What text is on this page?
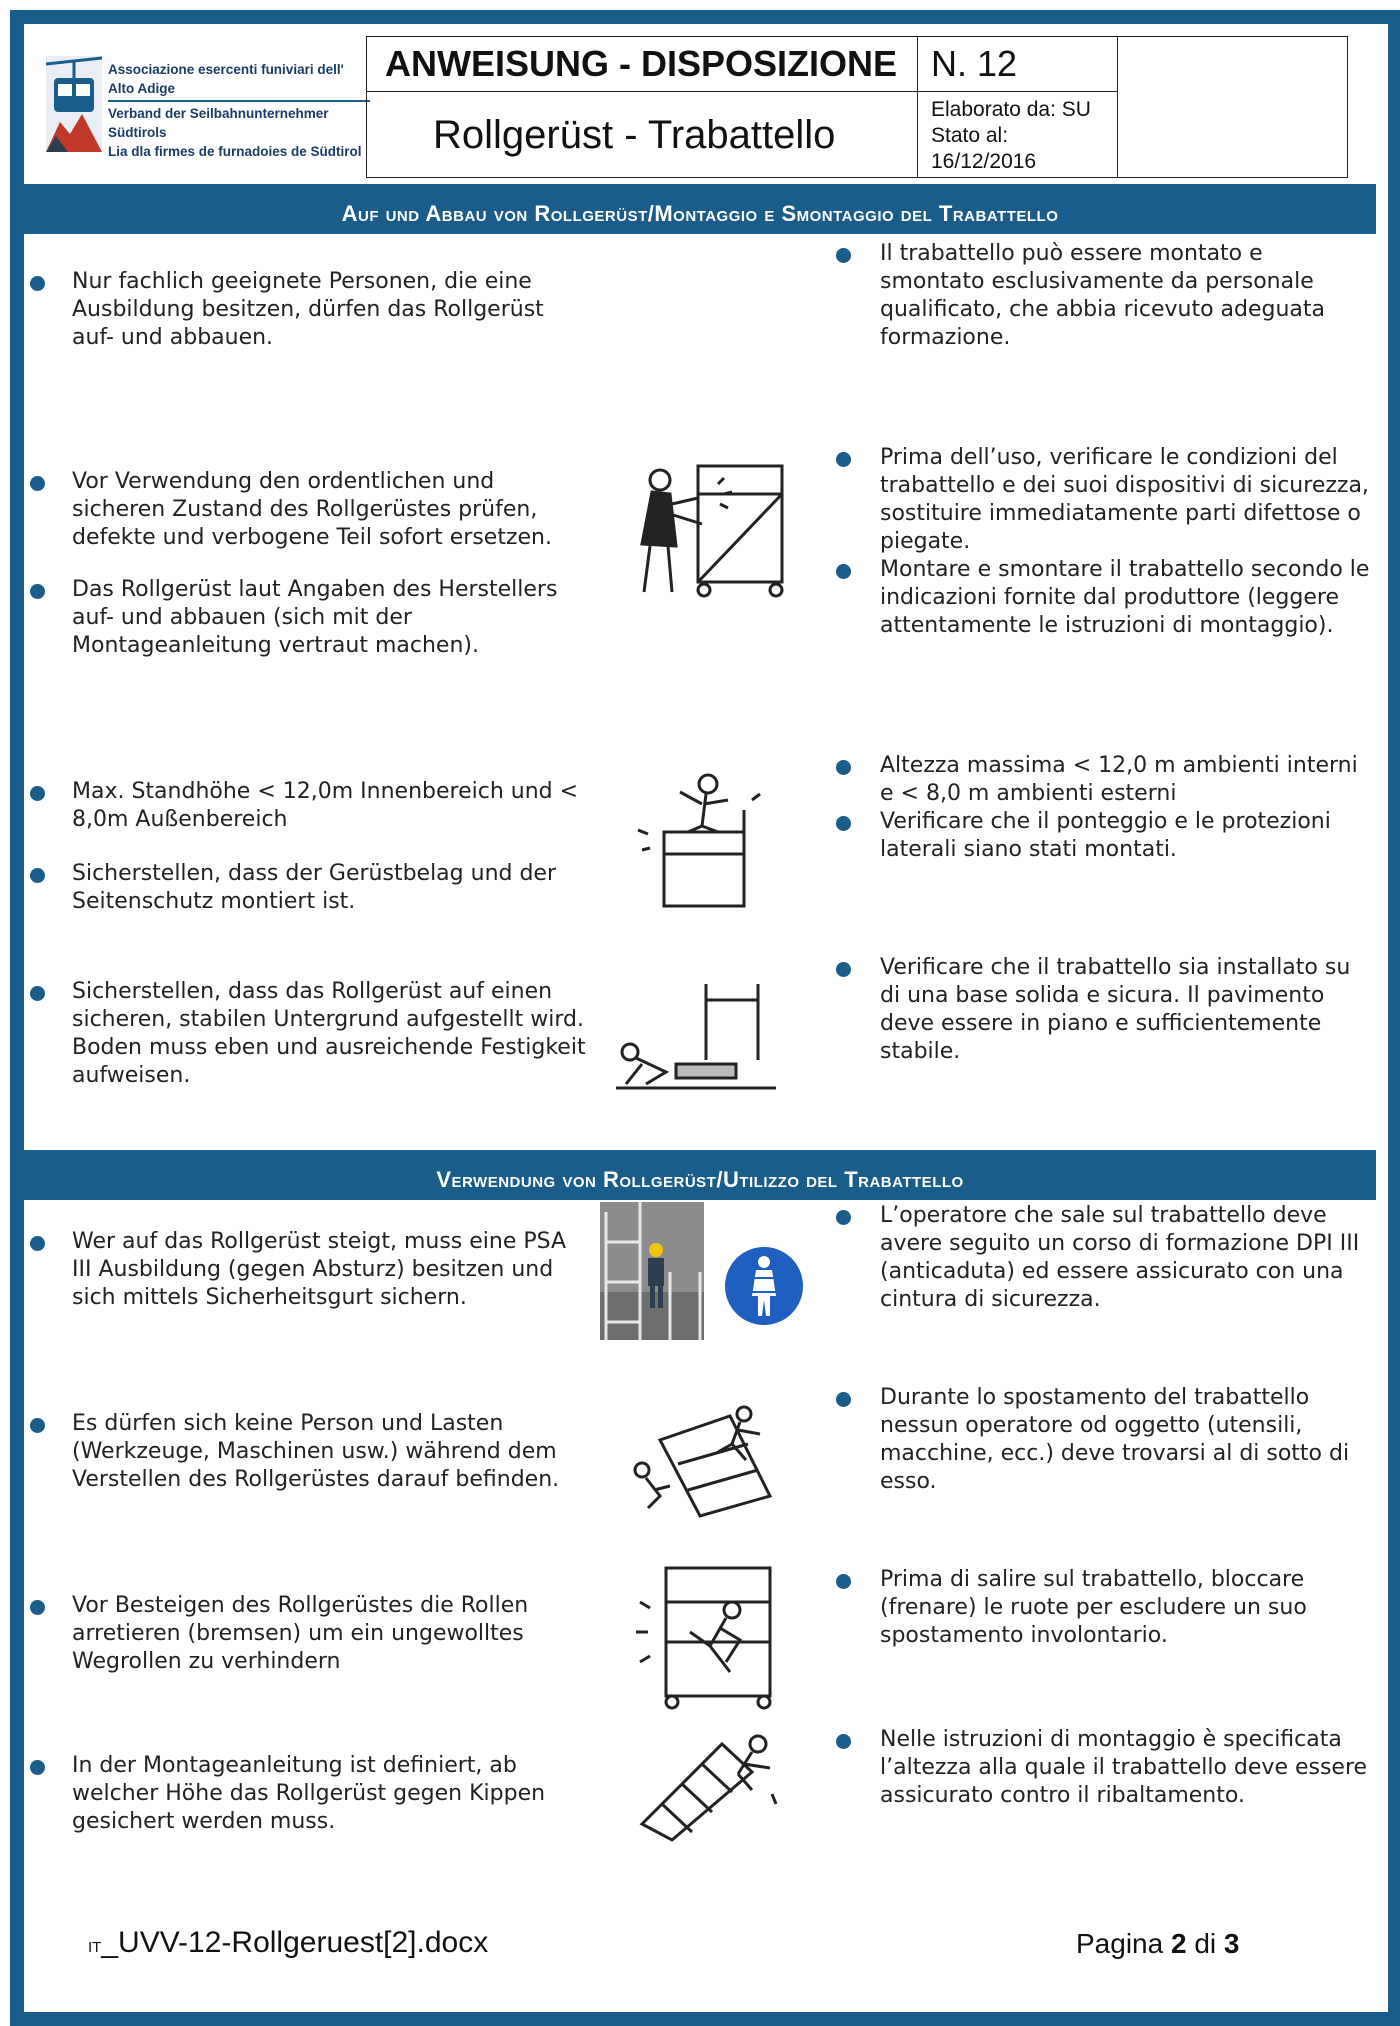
Associazione esercenti funiviari dell' Alto Adige
Verband der Seilbahnunternehmer Südtirols
Lia dla firmes de furnadoies de Südtirol
ANWEISUNG - DISPOSIZIONE
Rollgerüst - Trabattello
N. 12
Elaborato da: SU
Stato al:
16/12/2016
Auf und Abbau von Rollgerüst/Montaggio e Smontaggio del Trabattello

Nur fachlich geeignete Personen, die eine Ausbildung besitzen, dürfen das Rollgerüst auf- und abbauen.

Il trabattello può essere montato e smontato esclusivamente da personale qualificato, che abbia ricevuto adeguata formazione.

Vor Verwendung den ordentlichen und sicheren Zustand des Rollgerüstes prüfen, defekte und verbogene Teil sofort ersetzen.

Das Rollgerüst laut Angaben des Herstellers auf- und abbauen (sich mit der Montageanleitung vertraut machen).

Prima dell’uso, verificare le condizioni del trabattello e dei suoi dispositivi di sicurezza, sostituire immediatamente parti difettose o piegate.

Montare e smontare il trabattello secondo le indicazioni fornite dal produttore (leggere attentamente le istruzioni di montaggio).

Max. Standhöhe < 12,0m Innenbereich und < 8,0m Außenbereich

Sicherstellen, dass der Gerüstbelag und der Seitenschutz montiert ist.

Altezza massima < 12,0 m ambienti interni e < 8,0 m ambienti esterni

Verificare che il ponteggio e le protezioni laterali siano stati montati.

Sicherstellen, dass das Rollgerüst auf einen sicheren, stabilen Untergrund aufgestellt wird. Boden muss eben und ausreichende Festigkeit aufweisen.

Verificare che il trabattello sia installato su di una base solida e sicura. Il pavimento deve essere in piano e sufficientemente stabile.

Verwendung von Rollgerüst/Utilizzo del Trabattello

Wer auf das Rollgerüst steigt, muss eine PSA III Ausbildung (gegen Absturz) besitzen und sich mittels Sicherheitsgurt sichern.

L’operatore che sale sul trabattello deve avere seguito un corso di formazione DPI III (anticaduta) ed essere assicurato con una cintura di sicurezza.

Es dürfen sich keine Person und Lasten (Werkzeuge, Maschinen usw.) während dem Verstellen des Rollgerüstes darauf befinden.

Durante lo spostamento del trabattello nessun operatore od oggetto (utensili, macchine, ecc.) deve trovarsi al di sotto di esso.

Vor Besteigen des Rollgerüstes die Rollen arretieren (bremsen) um ein ungewolltes Wegrollen zu verhindern

Prima di salire sul trabattello, bloccare (frenare) le ruote per escludere un suo spostamento involontario.

In der Montageanleitung ist definiert, ab welcher Höhe das Rollgerüst gegen Kippen gesichert werden muss.

Nelle istruzioni di montaggio è specificata l’altezza alla quale il trabattello deve essere assicurato contro il ribaltamento.

IT_UVV-12-Rollgeruest[2].docx	Pagina 2 di 3
